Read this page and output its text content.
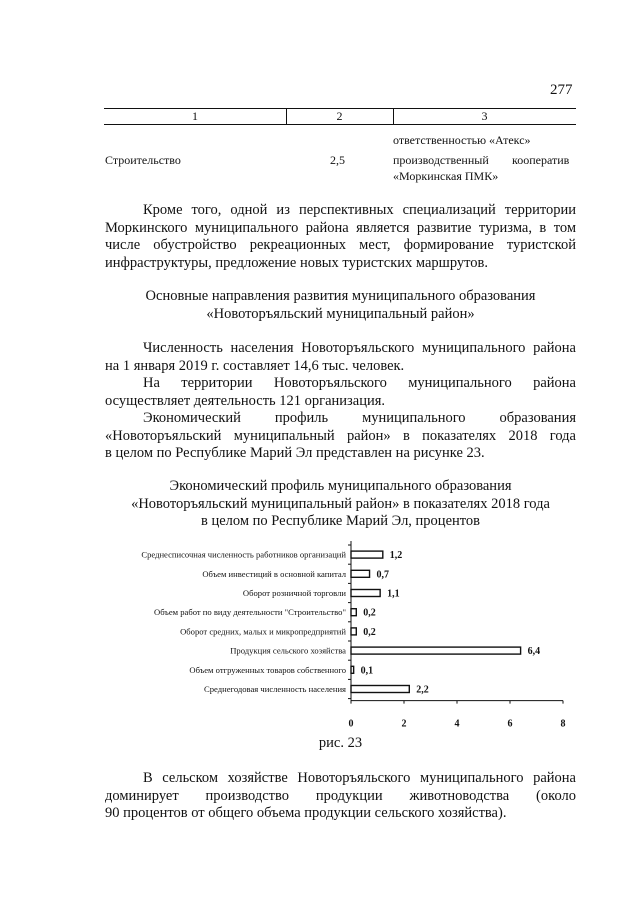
277
1	2	3
ответственностью «Атекс»
Строительство	2,5	производственный кооператив
«Моркинская ПМК»
Кроме того, одной из перспективных специализаций территории
Моркинского муниципального района является развитие туризма, в том
числе обустройство рекреационных мест, формирование туристской
инфраструктуры, предложение новых туристских маршрутов.
Основные направления развития муниципального образования
«Новоторъяльский муниципальный район»
Численность населения Новоторъяльского муниципального района
на 1 января 2019 г. составляет 14,6 тыс. человек.
На территории Новоторъяльского муниципального района
осуществляет деятельность 121 организация.
Экономический профиль муниципального образования
«Новоторъяльский муниципальный район» в показателях 2018 года
в целом по Республике Марий Эл представлен на рисунке 23.
Экономический профиль муниципального образования
«Новоторъяльский муниципальный район» в показателях 2018 года
в целом по Республике Марий Эл, процентов
Среднесписочная численность работников организаций	1,2
Объем инвестиций в основной капитал	0,7
Оборот розничной торговли	1,1
Объем работ по виду деятельности "Строительство" 0,2
Оборот средних, малых и микропредприятий 0,2
Продукция сельского хозяйства	6,4
Объем отгруженных товаров собственного 0,1
Среднегодовая численность населения	2,2
0	2	4	6	8
рис. 23
В сельском хозяйстве Новоторъяльского муниципального района
доминирует производство продукции животноводства (около
90 процентов от общего объема продукции сельского хозяйства).
